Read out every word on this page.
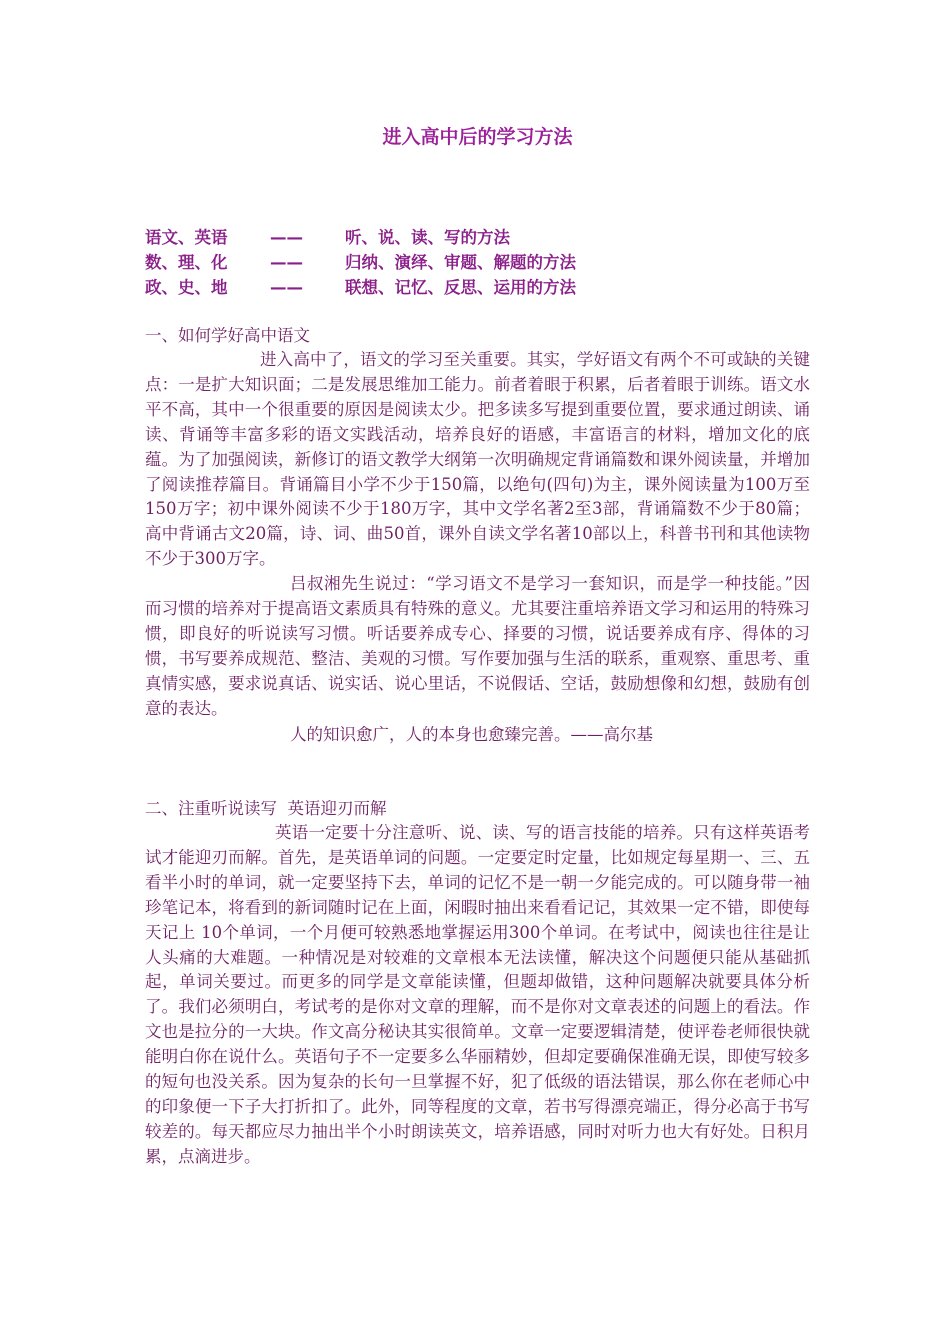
进入高中后的学习方法
语文、英语	——	听、说、读、写的方法
数、理、化	——	归纳、演绎、审题、解题的方法
政、史、地	——	联想、记忆、反思、运用的方法
一、如何学好高中语文

进入高中了，语文的学习至关重要。其实，学好语文有两个不可或缺的关键点：一是扩大知识面；二是发展思维加工能力。前者着眼于积累，后者着眼于训练。语文水平不高，其中一个很重要的原因是阅读太少。把多读多写提到重要位置，要求通过朗读、诵读、背诵等丰富多彩的语文实践活动，培养良好的语感，丰富语言的材料，增加文化的底蕴。为了加强阅读，新修订的语文教学大纲第一次明确规定背诵篇数和课外阅读量，并增加了阅读推荐篇目。背诵篇目小学不少于150篇，以绝句(四句)为主，课外阅读量为100万至150万字；初中课外阅读不少于180万字，其中文学名著2至3部，背诵篇数不少于80篇；高中背诵古文20篇，诗、词、曲50首，课外自读文学名著10部以上，科普书刊和其他读物不少于300万字。

吕叔湘先生说过：“学习语文不是学习一套知识，而是学一种技能。”因而习惯的培养对于提高语文素质具有特殊的意义。尤其要注重培养语文学习和运用的特殊习惯，即良好的听说读写习惯。听话要养成专心、择要的习惯，说话要养成有序、得体的习惯，书写要养成规范、整洁、美观的习惯。写作要加强与生活的联系，重观察、重思考、重真情实感，要求说真话、说实话、说心里话，不说假话、空话，鼓励想像和幻想，鼓励有创意的表达。

人的知识愈广，人的本身也愈臻完善。——高尔基
二、注重听说读写  英语迎刃而解

英语一定要十分注意听、说、读、写的语言技能的培养。只有这样英语考试才能迎刃而解。首先，是英语单词的问题。一定要定时定量，比如规定每星期一、三、五看半小时的单词，就一定要坚持下去，单词的记忆不是一朝一夕能完成的。可以随身带一袖珍笔记本，将看到的新词随时记在上面，闲暇时抽出来看看记记，其效果一定不错，即使每天记上 10个单词，一个月便可较熟悉地掌握运用300个单词。在考试中，阅读也往往是让人头痛的大难题。一种情况是对较难的文章根本无法读懂，解决这个问题便只能从基础抓起，单词关要过。而更多的同学是文章能读懂，但题却做错，这种问题解决就要具体分析了。我们必须明白，考试考的是你对文章的理解，而不是你对文章表述的问题上的看法。作文也是拉分的一大块。作文高分秘诀其实很简单。文章一定要逻辑清楚，使评卷老师很快就能明白你在说什么。英语句子不一定要多么华丽精妙，但却定要确保准确无误，即使写较多的短句也没关系。因为复杂的长句一旦掌握不好，犯了低级的语法错误，那么你在老师心中的印象便一下子大打折扣了。此外，同等程度的文章，若书写得漂亮端正，得分必高于书写较差的。每天都应尽力抽出半个小时朗读英文，培养语感，同时对听力也大有好处。日积月累，点滴进步。
